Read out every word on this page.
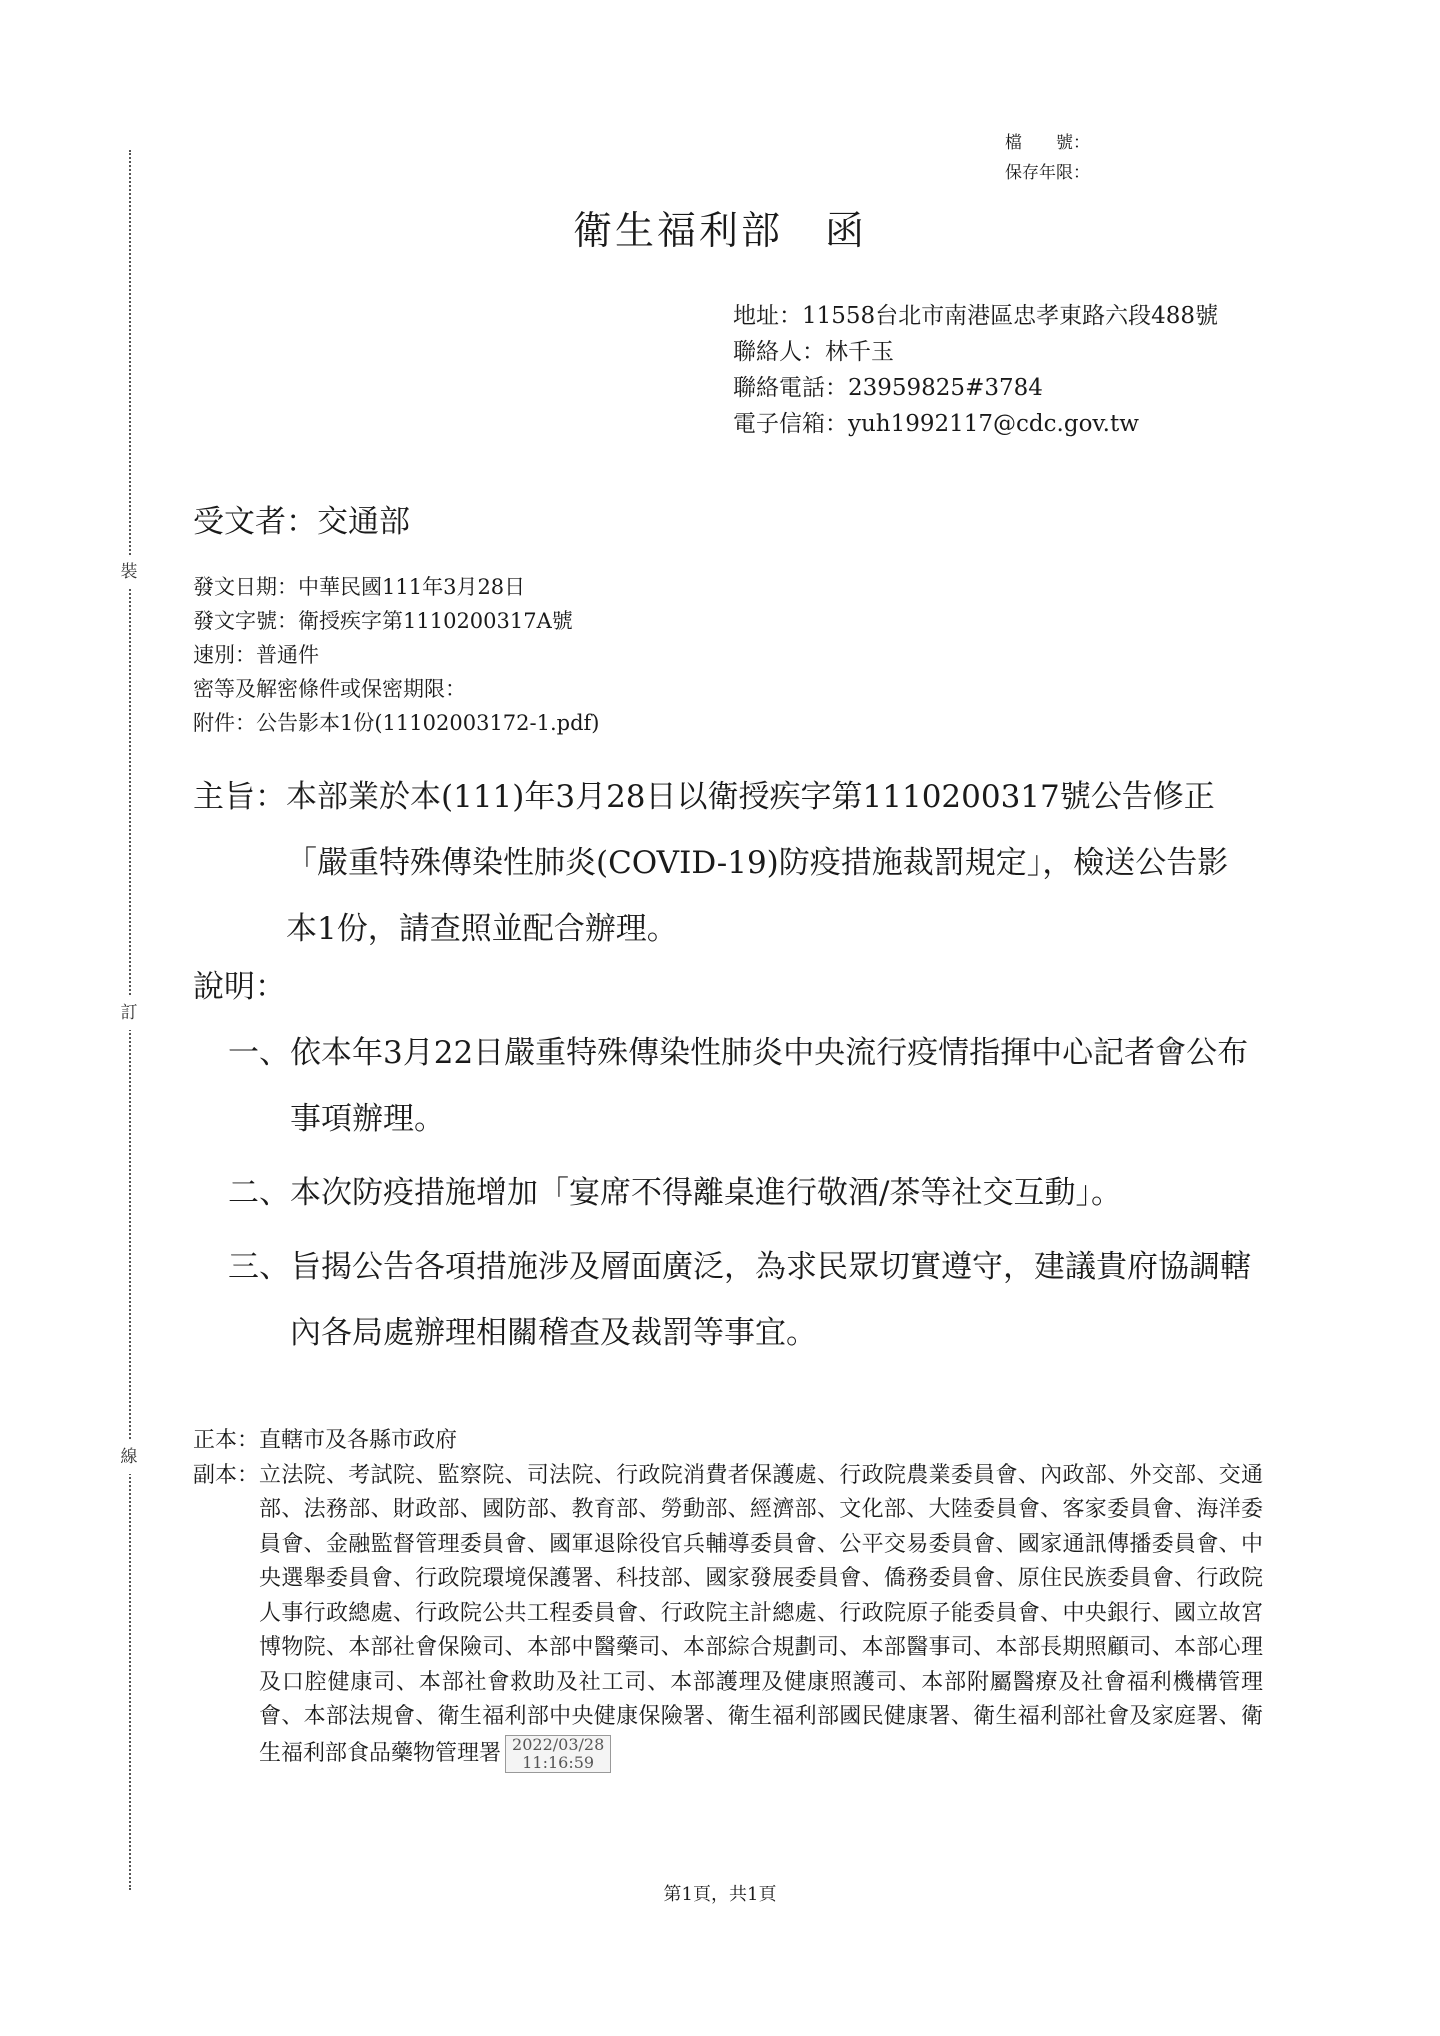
裝
訂
線
檔　　號：
保存年限：
衛生福利部　函
地址： 11558台北市南港區忠孝東路六段488號
聯絡人：林千玉
聯絡電話：23959825#3784
電子信箱：yuh1992117@cdc.gov.tw
受文者：交通部
發文日期：中華民國111年3月28日
發文字號：衛授疾字第1110200317A號
速別：普通件
密等及解密條件或保密期限：
附件：公告影本1份(11102003172-1.pdf)
主旨： 本部業於本(111)年3月28日以衛授疾字第1110200317號公告修正「嚴重特殊傳染性肺炎(COVID-19)防疫措施裁罰規定」，檢送公告影本1份，請查照並配合辦理。
說明：
一、 依本年3月22日嚴重特殊傳染性肺炎中央流行疫情指揮中心記者會公布事項辦理。
二、 本次防疫措施增加「宴席不得離桌進行敬酒/茶等社交互動」。
三、 旨揭公告各項措施涉及層面廣泛，為求民眾切實遵守，建議貴府協調轄內各局處辦理相關稽查及裁罰等事宜。
正本： 直轄市及各縣市政府
副本： 立法院、考試院、監察院、司法院、行政院消費者保護處、行政院農業委員會、內政部、外交部、交通部、法務部、財政部、國防部、教育部、勞動部、經濟部、文化部、大陸委員會、客家委員會、海洋委員會、金融監督管理委員會、國軍退除役官兵輔導委員會、公平交易委員會、國家通訊傳播委員會、中央選舉委員會、行政院環境保護署、科技部、國家發展委員會、僑務委員會、原住民族委員會、行政院人事行政總處、行政院公共工程委員會、行政院主計總處、行政院原子能委員會、中央銀行、國立故宮博物院、本部社會保險司、本部中醫藥司、本部綜合規劃司、本部醫事司、本部長期照顧司、本部心理及口腔健康司、本部社會救助及社工司、本部護理及健康照護司、本部附屬醫療及社會福利機構管理會、本部法規會、衛生福利部中央健康保險署、衛生福利部國民健康署、衛生福利部社會及家庭署、衛生福利部食品藥物管理署 2022/03/28
11:16:59
第1頁，共1頁
